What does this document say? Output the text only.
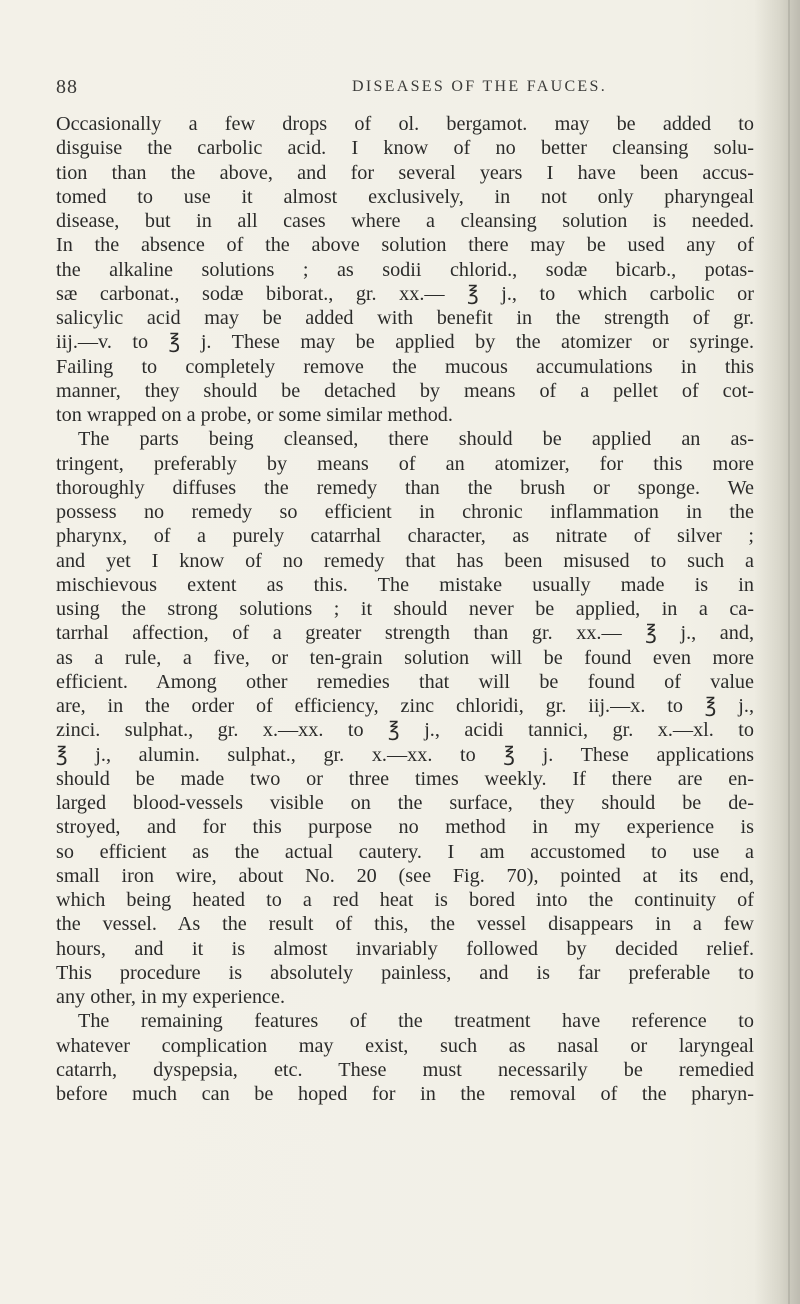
88	DISEASES OF THE FAUCES.
Occasionally a few drops of ol. bergamot. may be added to
disguise the carbolic acid. I know of no better cleansing solu-
tion than the above, and for several years I have been accus-
tomed to use it almost exclusively, in not only pharyngeal
disease, but in all cases where a cleansing solution is needed.
In the absence of the above solution there may be used any of
the alkaline solutions ; as sodii chlorid., sodæ bicarb., potas-
sæ carbonat., sodæ biborat., gr. xx.— ℥ j., to which carbolic or
salicylic acid may be added with benefit in the strength of gr.
iij.—v. to ℥ j. These may be applied by the atomizer or syringe.
Failing to completely remove the mucous accumulations in this
manner, they should be detached by means of a pellet of cot-
ton wrapped on a probe, or some similar method.
The parts being cleansed, there should be applied an as-
tringent, preferably by means of an atomizer, for this more
thoroughly diffuses the remedy than the brush or sponge. We
possess no remedy so efficient in chronic inflammation in the
pharynx, of a purely catarrhal character, as nitrate of silver ;
and yet I know of no remedy that has been misused to such a
mischievous extent as this. The mistake usually made is in
using the strong solutions ; it should never be applied, in a ca-
tarrhal affection, of a greater strength than gr. xx.— ℥ j., and,
as a rule, a five, or ten-grain solution will be found even more
efficient. Among other remedies that will be found of value
are, in the order of efficiency, zinc chloridi, gr. iij.—x. to ℥ j.,
zinci. sulphat., gr. x.—xx. to ℥ j., acidi tannici, gr. x.—xl. to
℥ j., alumin. sulphat., gr. x.—xx. to ℥ j. These applications
should be made two or three times weekly. If there are en-
larged blood-vessels visible on the surface, they should be de-
stroyed, and for this purpose no method in my experience is
so efficient as the actual cautery. I am accustomed to use a
small iron wire, about No. 20 (see Fig. 70), pointed at its end,
which being heated to a red heat is bored into the continuity of
the vessel. As the result of this, the vessel disappears in a few
hours, and it is almost invariably followed by decided relief.
This procedure is absolutely painless, and is far preferable to
any other, in my experience.
The remaining features of the treatment have reference to
whatever complication may exist, such as nasal or laryngeal
catarrh, dyspepsia, etc. These must necessarily be remedied
before much can be hoped for in the removal of the pharyn-
